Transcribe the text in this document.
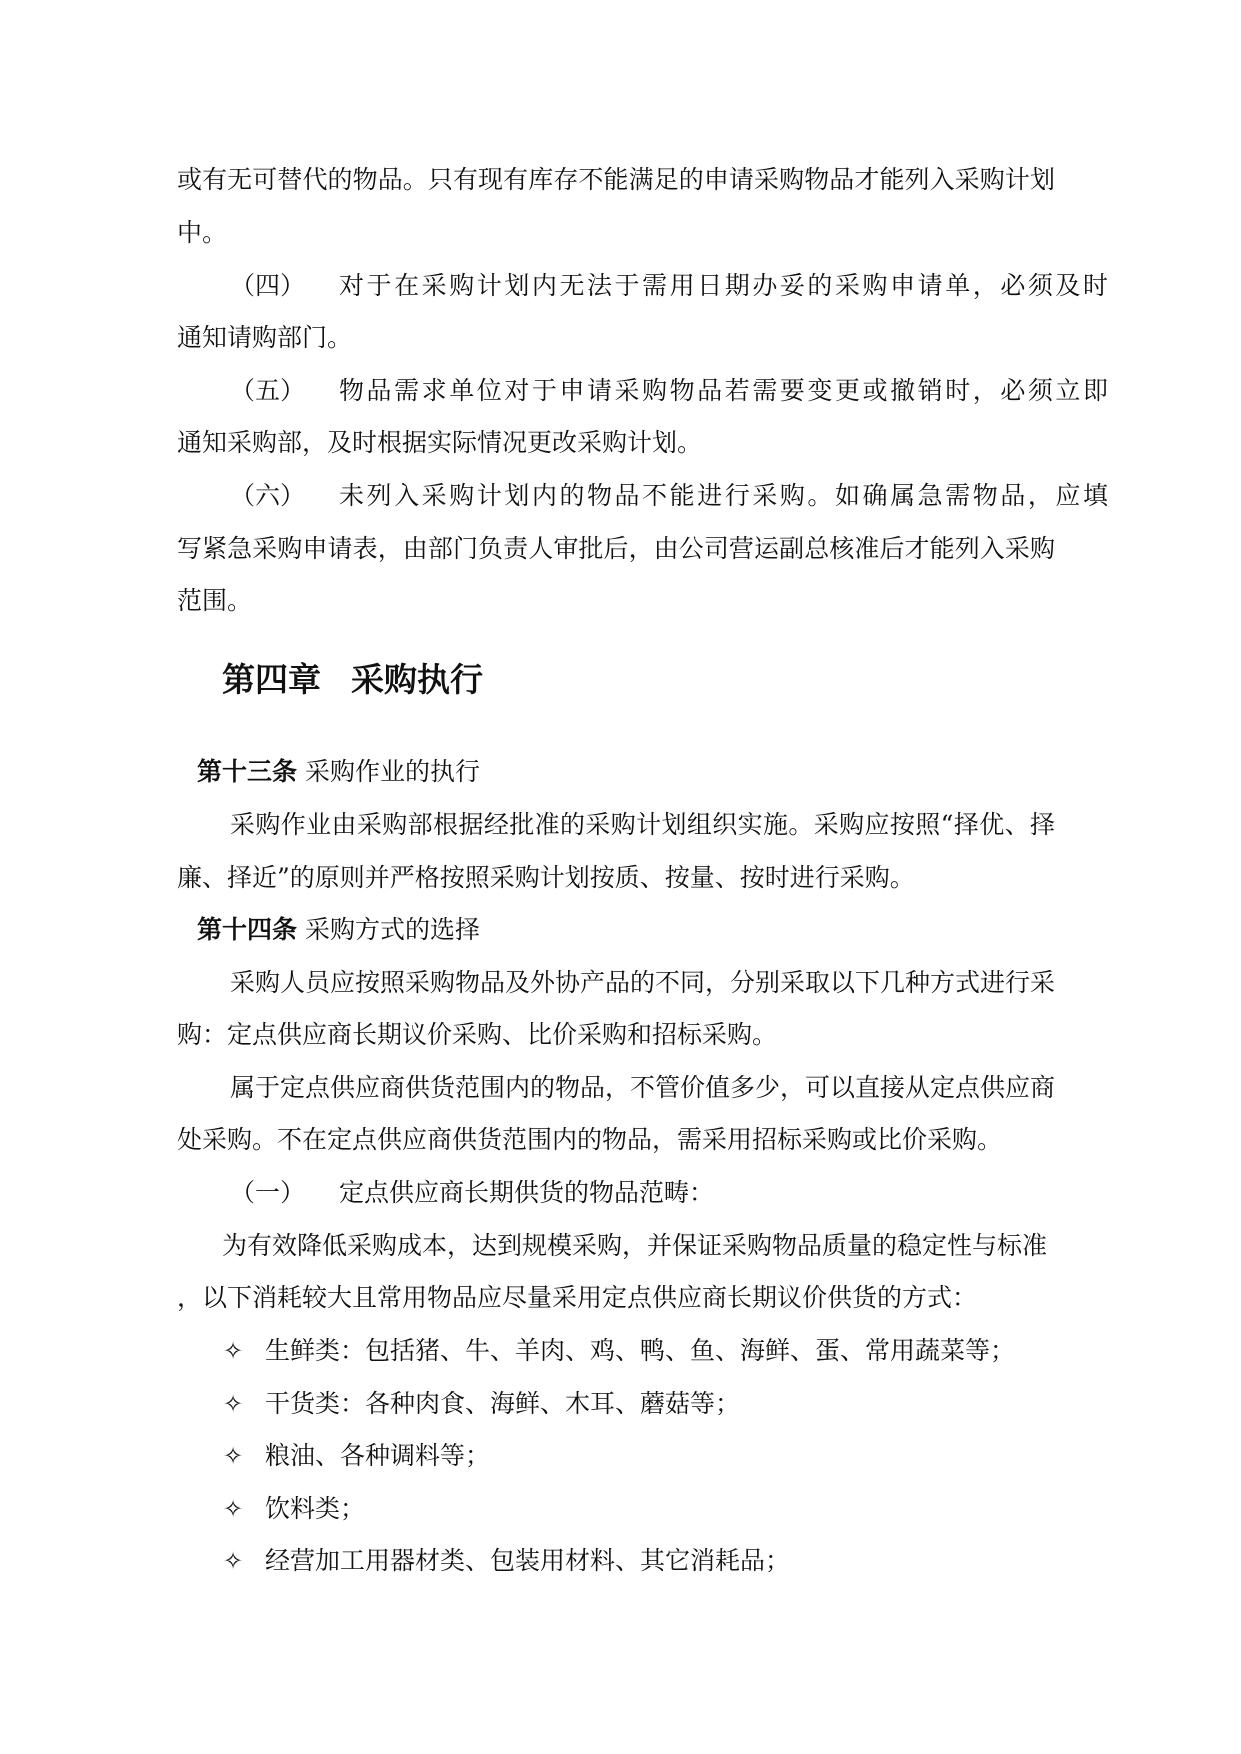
或有无可替代的物品。只有现有库存不能满足的申请采购物品才能列入采购计划
中。
（四） 对于在采购计划内无法于需用日期办妥的采购申请单，必须及时
通知请购部门。
（五） 物品需求单位对于申请采购物品若需要变更或撤销时，必须立即
通知采购部，及时根据实际情况更改采购计划。
（六） 未列入采购计划内的物品不能进行采购。如确属急需物品，应填
写紧急采购申请表，由部门负责人审批后，由公司营运副总核准后才能列入采购
范围。
第四章 采购执行
第十三条 采购作业的执行
采购作业由采购部根据经批准的采购计划组织实施。采购应按照“择优、择
廉、择近”的原则并严格按照采购计划按质、按量、按时进行采购。
第十四条 采购方式的选择
采购人员应按照采购物品及外协产品的不同，分别采取以下几种方式进行采
购：定点供应商长期议价采购、比价采购和招标采购。
属于定点供应商供货范围内的物品，不管价值多少，可以直接从定点供应商
处采购。不在定点供应商供货范围内的物品，需采用招标采购或比价采购。
（一） 定点供应商长期供货的物品范畴：
为有效降低采购成本，达到规模采购，并保证采购物品质量的稳定性与标准
，以下消耗较大且常用物品应尽量采用定点供应商长期议价供货的方式：
✧ 生鲜类：包括猪、牛、羊肉、鸡、鸭、鱼、海鲜、蛋、常用蔬菜等；
✧ 干货类：各种肉食、海鲜、木耳、蘑菇等；
✧ 粮油、各种调料等；
✧ 饮料类；
✧ 经营加工用器材类、包装用材料、其它消耗品；
